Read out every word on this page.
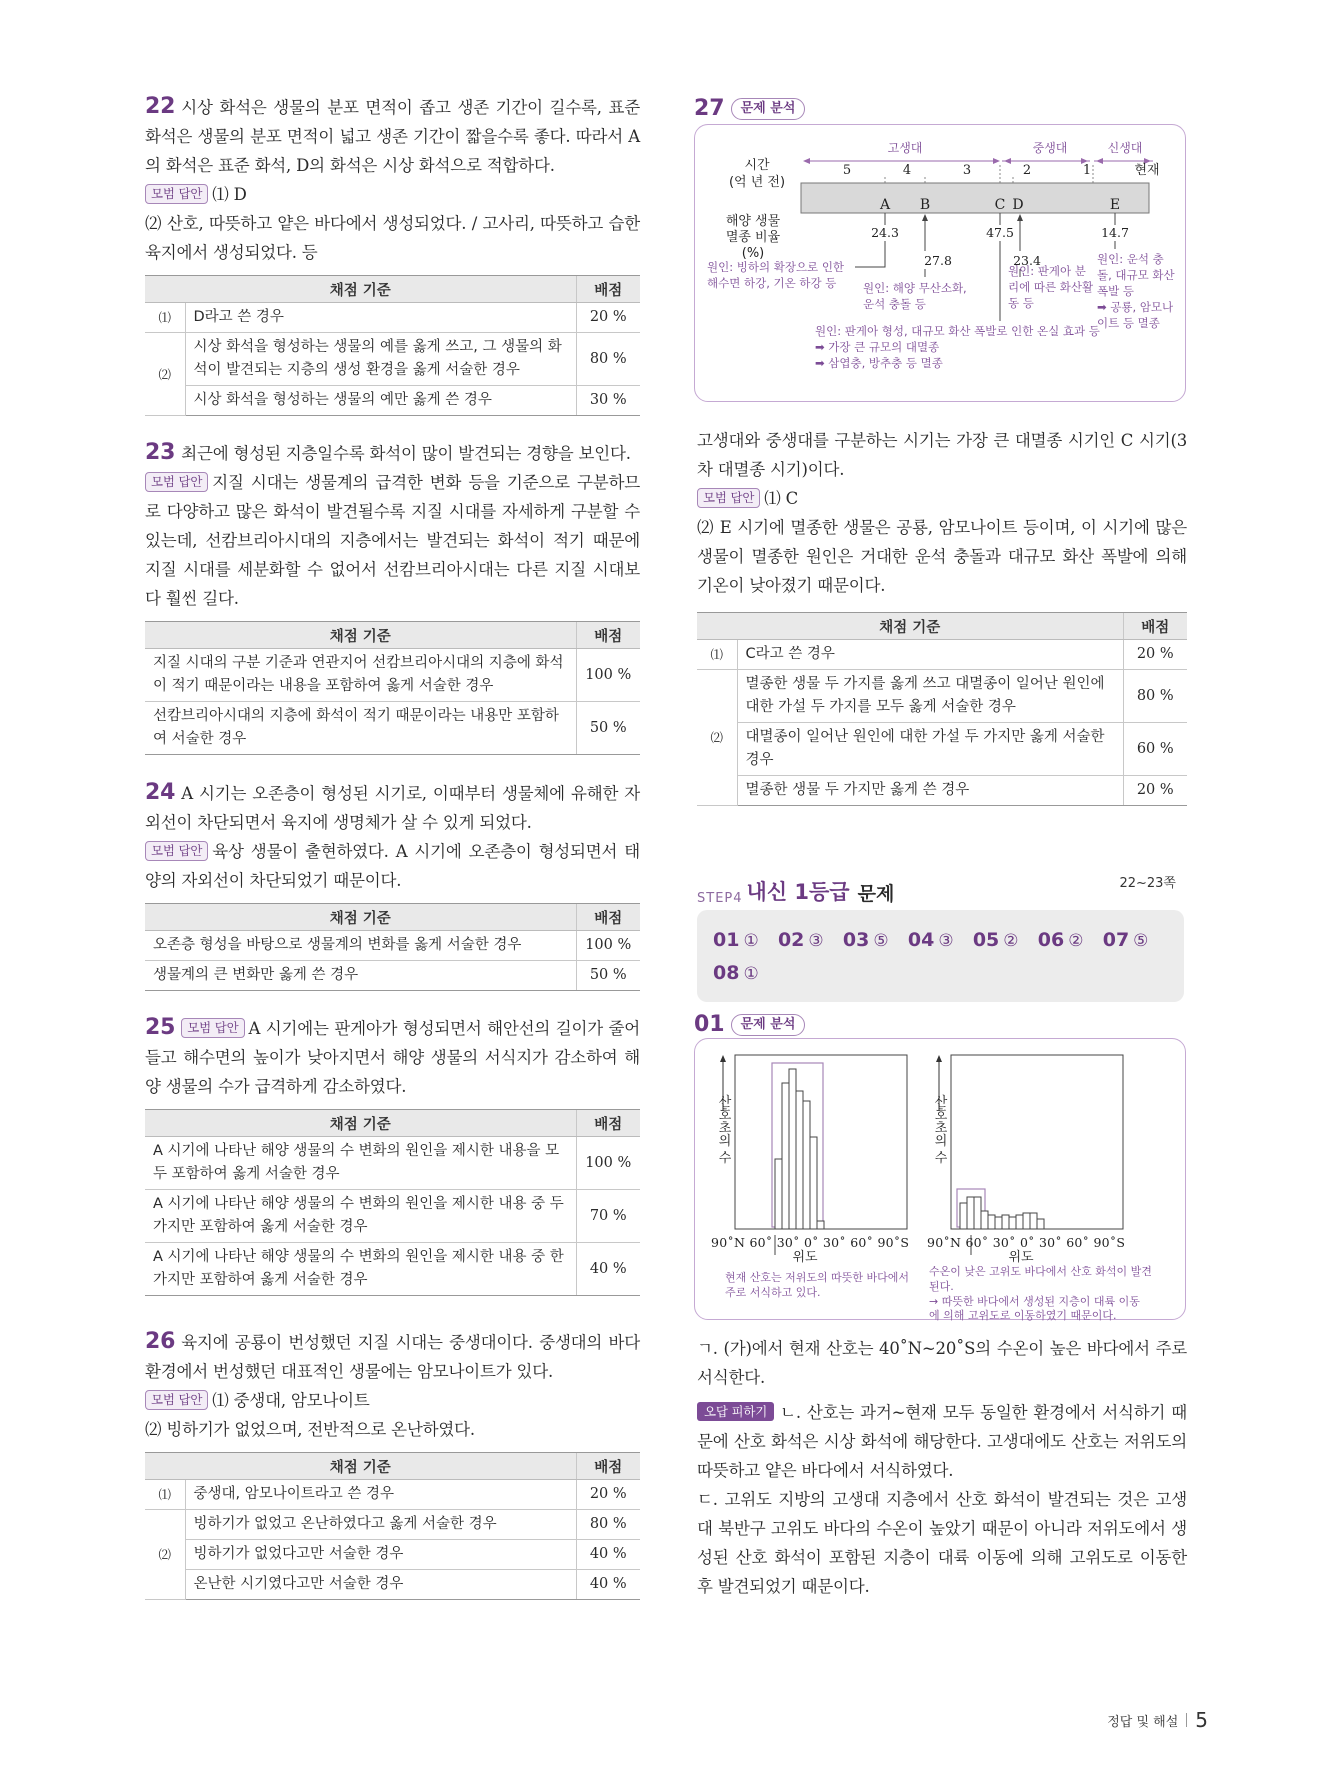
22 시상 화석은 생물의 분포 면적이 좁고 생존 기간이 길수록, 표준 화석은 생물의 분포 면적이 넓고 생존 기간이 짧을수록 좋다. 따라서 A의 화석은 표준 화석, D의 화석은 시상 화석으로 적합하다.
모범 답안 ⑴ D
⑵ 산호, 따뜻하고 얕은 바다에서 생성되었다. / 고사리, 따뜻하고 습한 육지에서 생성되었다. 등
채점 기준		배점
⑴	D라고 쓴 경우	20 %
⑵	시상 화석을 형성하는 생물의 예를 옳게 쓰고, 그 생물의 화석이 발견되는 지층의 생성 환경을 옳게 서술한 경우	80 %
	시상 화석을 형성하는 생물의 예만 옳게 쓴 경우	30 %
23 최근에 형성된 지층일수록 화석이 많이 발견되는 경향을 보인다.
모범 답안 지질 시대는 생물계의 급격한 변화 등을 기준으로 구분하므로 다양하고 많은 화석이 발견될수록 지질 시대를 자세하게 구분할 수 있는데, 선캄브리아시대의 지층에서는 발견되는 화석이 적기 때문에 지질 시대를 세분화할 수 없어서 선캄브리아시대는 다른 지질 시대보다 훨씬 길다.
채점 기준	배점
지질 시대의 구분 기준과 연관지어 선캄브리아시대의 지층에 화석이 적기 때문이라는 내용을 포함하여 옳게 서술한 경우	100 %
선캄브리아시대의 지층에 화석이 적기 때문이라는 내용만 포함하여 서술한 경우	50 %
24 A 시기는 오존층이 형성된 시기로, 이때부터 생물체에 유해한 자외선이 차단되면서 육지에 생명체가 살 수 있게 되었다.
모범 답안 육상 생물이 출현하였다. A 시기에 오존층이 형성되면서 태양의 자외선이 차단되었기 때문이다.
채점 기준	배점
오존층 형성을 바탕으로 생물계의 변화를 옳게 서술한 경우	100 %
생물계의 큰 변화만 옳게 쓴 경우	50 %
25 모범 답안 A 시기에는 판게아가 형성되면서 해안선의 길이가 줄어들고 해수면의 높이가 낮아지면서 해양 생물의 서식지가 감소하여 해양 생물의 수가 급격하게 감소하였다.
채점 기준	배점
A 시기에 나타난 해양 생물의 수 변화의 원인을 제시한 내용을 모두 포함하여 옳게 서술한 경우	100 %
A 시기에 나타난 해양 생물의 수 변화의 원인을 제시한 내용 중 두 가지만 포함하여 옳게 서술한 경우	70 %
A 시기에 나타난 해양 생물의 수 변화의 원인을 제시한 내용 중 한 가지만 포함하여 옳게 서술한 경우	40 %
26 육지에 공룡이 번성했던 지질 시대는 중생대이다. 중생대의 바다 환경에서 번성했던 대표적인 생물에는 암모나이트가 있다.
모범 답안 ⑴ 중생대, 암모나이트
⑵ 빙하기가 없었으며, 전반적으로 온난하였다.
채점 기준		배점
⑴	중생대, 암모나이트라고 쓴 경우	20 %
⑵	빙하기가 없었고 온난하였다고 옳게 서술한 경우	80 %
	빙하기가 없었다고만 서술한 경우	40 %
	온난한 시기였다고만 서술한 경우	40 %
27	문제 분석
고생대	중생대	신생대
시간
(억 년 전)
5	4	3	2	1	현재
A B	C D	E
해양 생물
멸종 비율
(%)
24.3
27.8
47.5
23.4
14.7
원인: 빙하의 확장으로 인한
해수면 하강, 기온 하강 등 원인: 해양 무산소화,
운석 충돌 등
원인: 판게아 형성, 대규모 화산 폭발로 인한 온실 효과 등
➡ 가장 큰 규모의 대멸종
➡ 삼엽충, 방추충 등 멸종
원인: 판게아 분
리에 따른 화산활
동 등
원인: 운석 충
돌, 대규모 화산
폭발 등
➡ 공룡, 암모나
이트 등 멸종
고생대와 중생대를 구분하는 시기는 가장 큰 대멸종 시기인 C 시기(3차 대멸종 시기)이다.
모범 답안 ⑴ C
⑵ E 시기에 멸종한 생물은 공룡, 암모나이트 등이며, 이 시기에 많은 생물이 멸종한 원인은 거대한 운석 충돌과 대규모 화산 폭발에 의해 기온이 낮아졌기 때문이다.
채점 기준		배점
⑴	C라고 쓴 경우	20 %
⑵	멸종한 생물 두 가지를 옳게 쓰고 대멸종이 일어난 원인에 대한 가설 두 가지를 모두 옳게 서술한 경우	80 %
	대멸종이 일어난 원인에 대한 가설 두 가지만 옳게 서술한 경우	60 %
	멸종한 생물 두 가지만 옳게 쓴 경우	20 %
22~23쪽
STEP4 내신 1등급 문제
01 ① 02 ③ 03 ⑤ 04 ③ 05 ② 06 ② 07 ⑤
08 ①
01	문제 분석
산호초의 수
90˚N 60˚ 30˚ 0˚ 30˚ 60˚ 90˚S
위도
현재 산호는 저위도의 따뜻한 바다에서
주로 서식하고 있다.
산호초의 수
90˚N 60˚ 30˚ 0˚ 30˚ 60˚ 90˚S
위도
수온이 낮은 고위도 바다에서 산호 화석이 발견
된다.
→ 따뜻한 바다에서 생성된 지층이 대륙 이동
에 의해 고위도로 이동하였기 때문이다.
ㄱ. (가)에서 현재 산호는 40˚N~20˚S의 수온이 높은 바다에서 주로 서식한다.
오답 피하기 ㄴ. 산호는 과거~현재 모두 동일한 환경에서 서식하기 때문에 산호 화석은 시상 화석에 해당한다. 고생대에도 산호는 저위도의 따뜻하고 얕은 바다에서 서식하였다.
ㄷ. 고위도 지방의 고생대 지층에서 산호 화석이 발견되는 것은 고생대 북반구 고위도 바다의 수온이 높았기 때문이 아니라 저위도에서 생성된 산호 화석이 포함된 지층이 대륙 이동에 의해 고위도로 이동한 후 발견되었기 때문이다.
정답 및 해설 5
